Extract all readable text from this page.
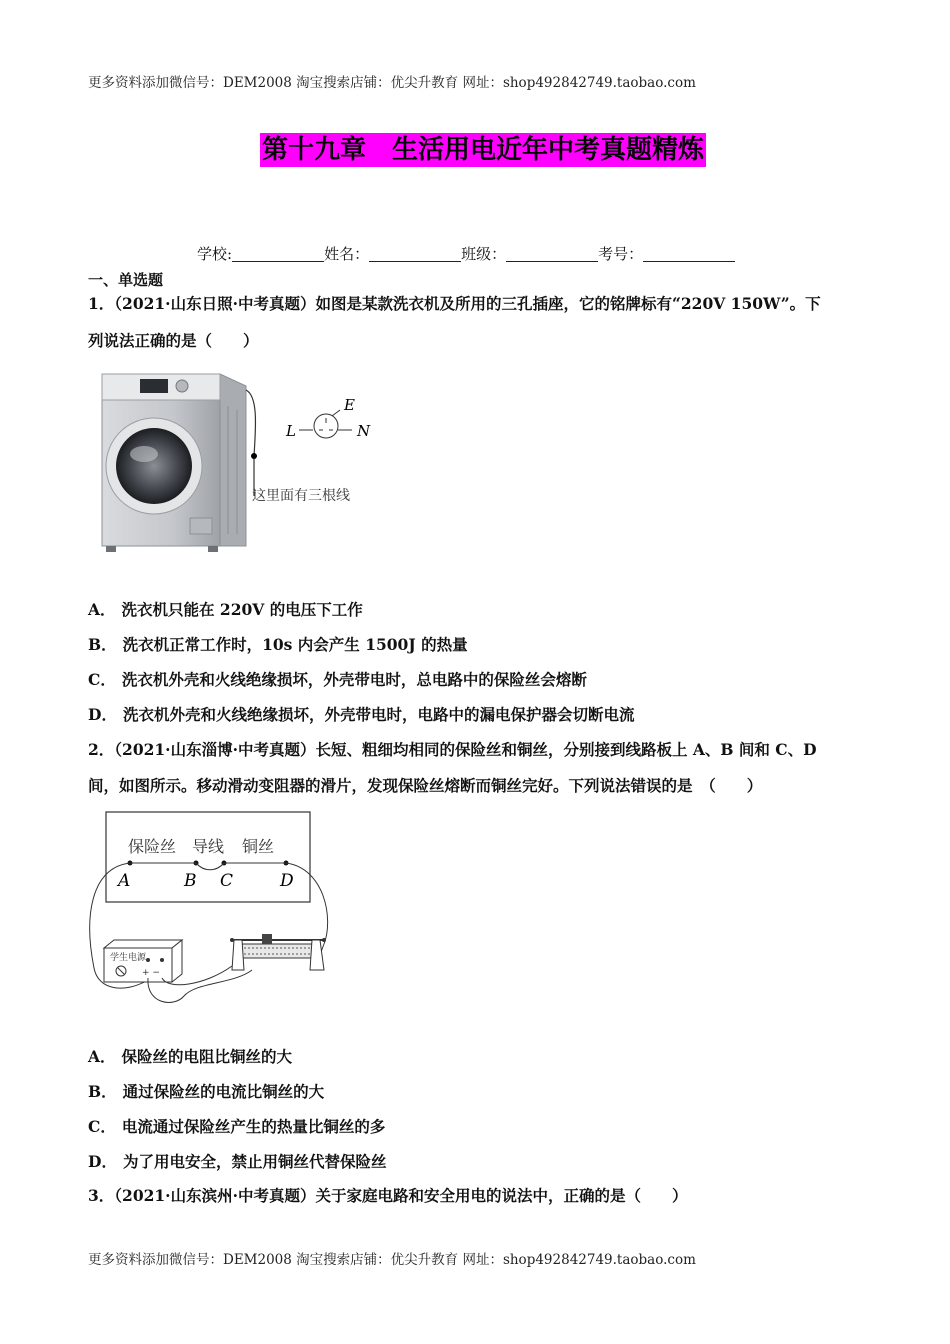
更多资料添加微信号：DEM2008 淘宝搜索店铺：优尖升教育 网址：shop492842749.taobao.com
第十九章　生活用电近年中考真题精炼
学校:	姓名：	班级：	考号：
一、单选题
1．（2021·山东日照·中考真题）如图是某款洗衣机及所用的三孔插座，它的铭牌标有“220V 150W”。下
列说法正确的是（　　）
L
E
N
这里面有三根线
A． 洗衣机只能在 220V 的电压下工作
B． 洗衣机正常工作时，10s 内会产生 1500J 的热量
C． 洗衣机外壳和火线绝缘损坏，外壳带电时，总电路中的保险丝会熔断
D． 洗衣机外壳和火线绝缘损坏，外壳带电时，电路中的漏电保护器会切断电流
2．（2021·山东淄博·中考真题）长短、粗细均相同的保险丝和铜丝，分别接到线路板上 A、B 间和 C、D
间，如图所示。移动滑动变阻器的滑片，发现保险丝熔断而铜丝完好。下列说法错误的是　（　　）
保险丝 导线 铜丝
A	B C	D
学生电源
+ −
A． 保险丝的电阻比铜丝的大
B． 通过保险丝的电流比铜丝的大
C． 电流通过保险丝产生的热量比铜丝的多
D． 为了用电安全，禁止用铜丝代替保险丝
3．（2021·山东滨州·中考真题）关于家庭电路和安全用电的说法中，正确的是（　　）
更多资料添加微信号：DEM2008 淘宝搜索店铺：优尖升教育 网址：shop492842749.taobao.com
